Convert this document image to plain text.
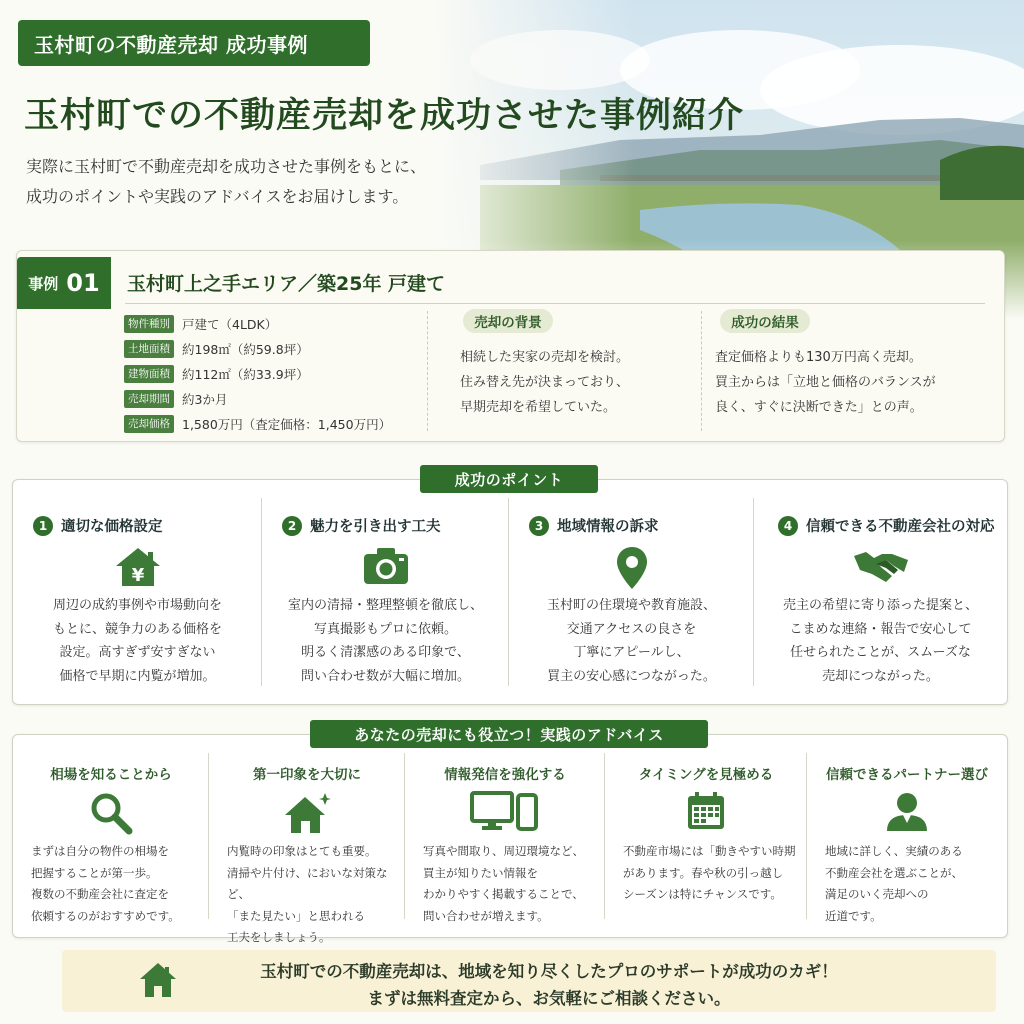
玉村町の不動産売却 成功事例
玉村町での不動産売却を成功させた事例紹介
実際に玉村町で不動産売却を成功させた事例をもとに、
成功のポイントや実践のアドバイスをお届けします。
事例 01 玉村町上之手エリア／築25年 戸建て
物件種別 戸建て（4LDK）
土地面積 約198㎡（約59.8坪）
建物面積 約112㎡（約33.9坪）
売却期間 約3か月
売却価格 1,580万円（査定価格：1,450万円）
売却の背景
相続した実家の売却を検討。
住み替え先が決まっており、
早期売却を希望していた。
成功の結果
査定価格よりも130万円高く売却。
買主からは「立地と価格のバランスが
良く、すぐに決断できた」との声。
成功のポイント
1 適切な価格設定
¥
周辺の成約事例や市場動向を
もとに、競争力のある価格を
設定。高すぎず安すぎない
価格で早期に内覧が増加。
2 魅力を引き出す工夫
室内の清掃・整理整頓を徹底し、
写真撮影もプロに依頼。
明るく清潔感のある印象で、
問い合わせ数が大幅に増加。
3 地域情報の訴求
玉村町の住環境や教育施設、
交通アクセスの良さを
丁寧にアピールし、
買主の安心感につながった。
4 信頼できる不動産会社の対応
売主の希望に寄り添った提案と、
こまめな連絡・報告で安心して
任せられたことが、スムーズな
売却につながった。
あなたの売却にも役立つ！実践のアドバイス
相場を知ることから
まずは自分の物件の相場を
把握することが第一歩。
複数の不動産会社に査定を
依頼するのがおすすめです。
第一印象を大切に
内覧時の印象はとても重要。
清掃や片付け、においな対策など、
「また見たい」と思われる
工夫をしましょう。
情報発信を強化する
写真や間取り、周辺環境など、
買主が知りたい情報を
わかりやすく掲載することで、
問い合わせが増えます。
タイミングを見極める
不動産市場には「動きやすい時期
があります。春や秋の引っ越し
シーズンは特にチャンスです。
信頼できるパートナー選び
地域に詳しく、実績のある
不動産会社を選ぶことが、
満足のいく売却への
近道です。
玉村町での不動産売却は、地域を知り尽くしたプロのサポートが成功のカギ！
まずは無料査定から、お気軽にご相談ください。
